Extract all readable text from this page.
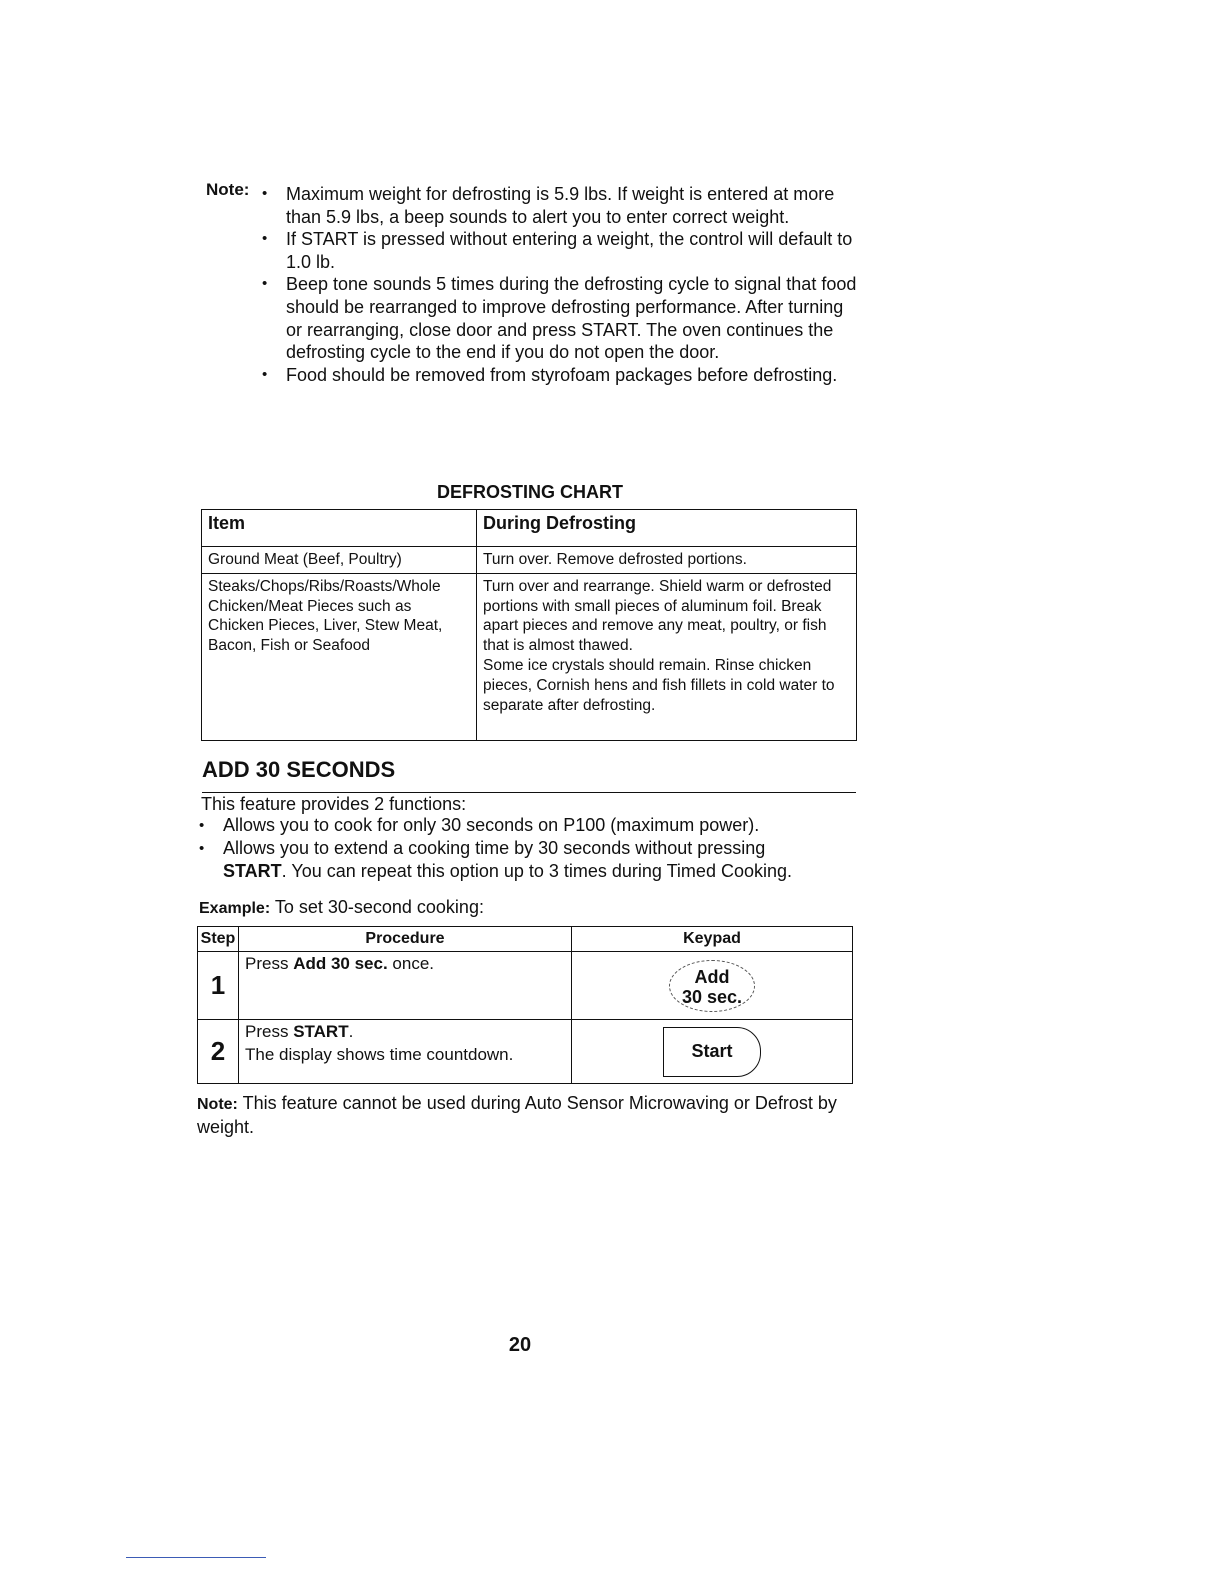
Note:	• Maximum weight for defrosting is 5.9 lbs. If weight is entered at more than 5.9 lbs, a beep sounds to alert you to enter correct weight.
• If START is pressed without entering a weight, the control will default to 1.0 lb.
• Beep tone sounds 5 times during the defrosting cycle to signal that food should be rearranged to improve defrosting performance. After turning or rearranging, close door and press START. The oven continues the defrosting cycle to the end if you do not open the door.
• Food should be removed from styrofoam packages before defrosting.
DEFROSTING CHART
Item	During Defrosting
Ground Meat (Beef, Poultry)	Turn over. Remove defrosted portions.
Steaks/Chops/Ribs/Roasts/Whole Chicken/Meat Pieces such as Chicken Pieces, Liver, Stew Meat, Bacon, Fish or Seafood	Turn over and rearrange. Shield warm or defrosted portions with small pieces of aluminum foil. Break apart pieces and remove any meat, poultry, or fish that is almost thawed.
Some ice crystals should remain. Rinse chicken pieces, Cornish hens and fish fillets in cold water to separate after defrosting.
ADD 30 SECONDS
This feature provides 2 functions:
• Allows you to cook for only 30 seconds on P100 (maximum power).
• Allows you to extend a cooking time by 30 seconds without pressing
START. You can repeat this option up to 3 times during Timed Cooking.
Example: To set 30-second cooking:
Step	Procedure	Keypad
1	Press Add 30 sec. once.	Add
30 sec.

2	Press START.
The display shows time countdown.	Start
Note: This feature cannot be used during Auto Sensor Microwaving or Defrost by weight.
20
